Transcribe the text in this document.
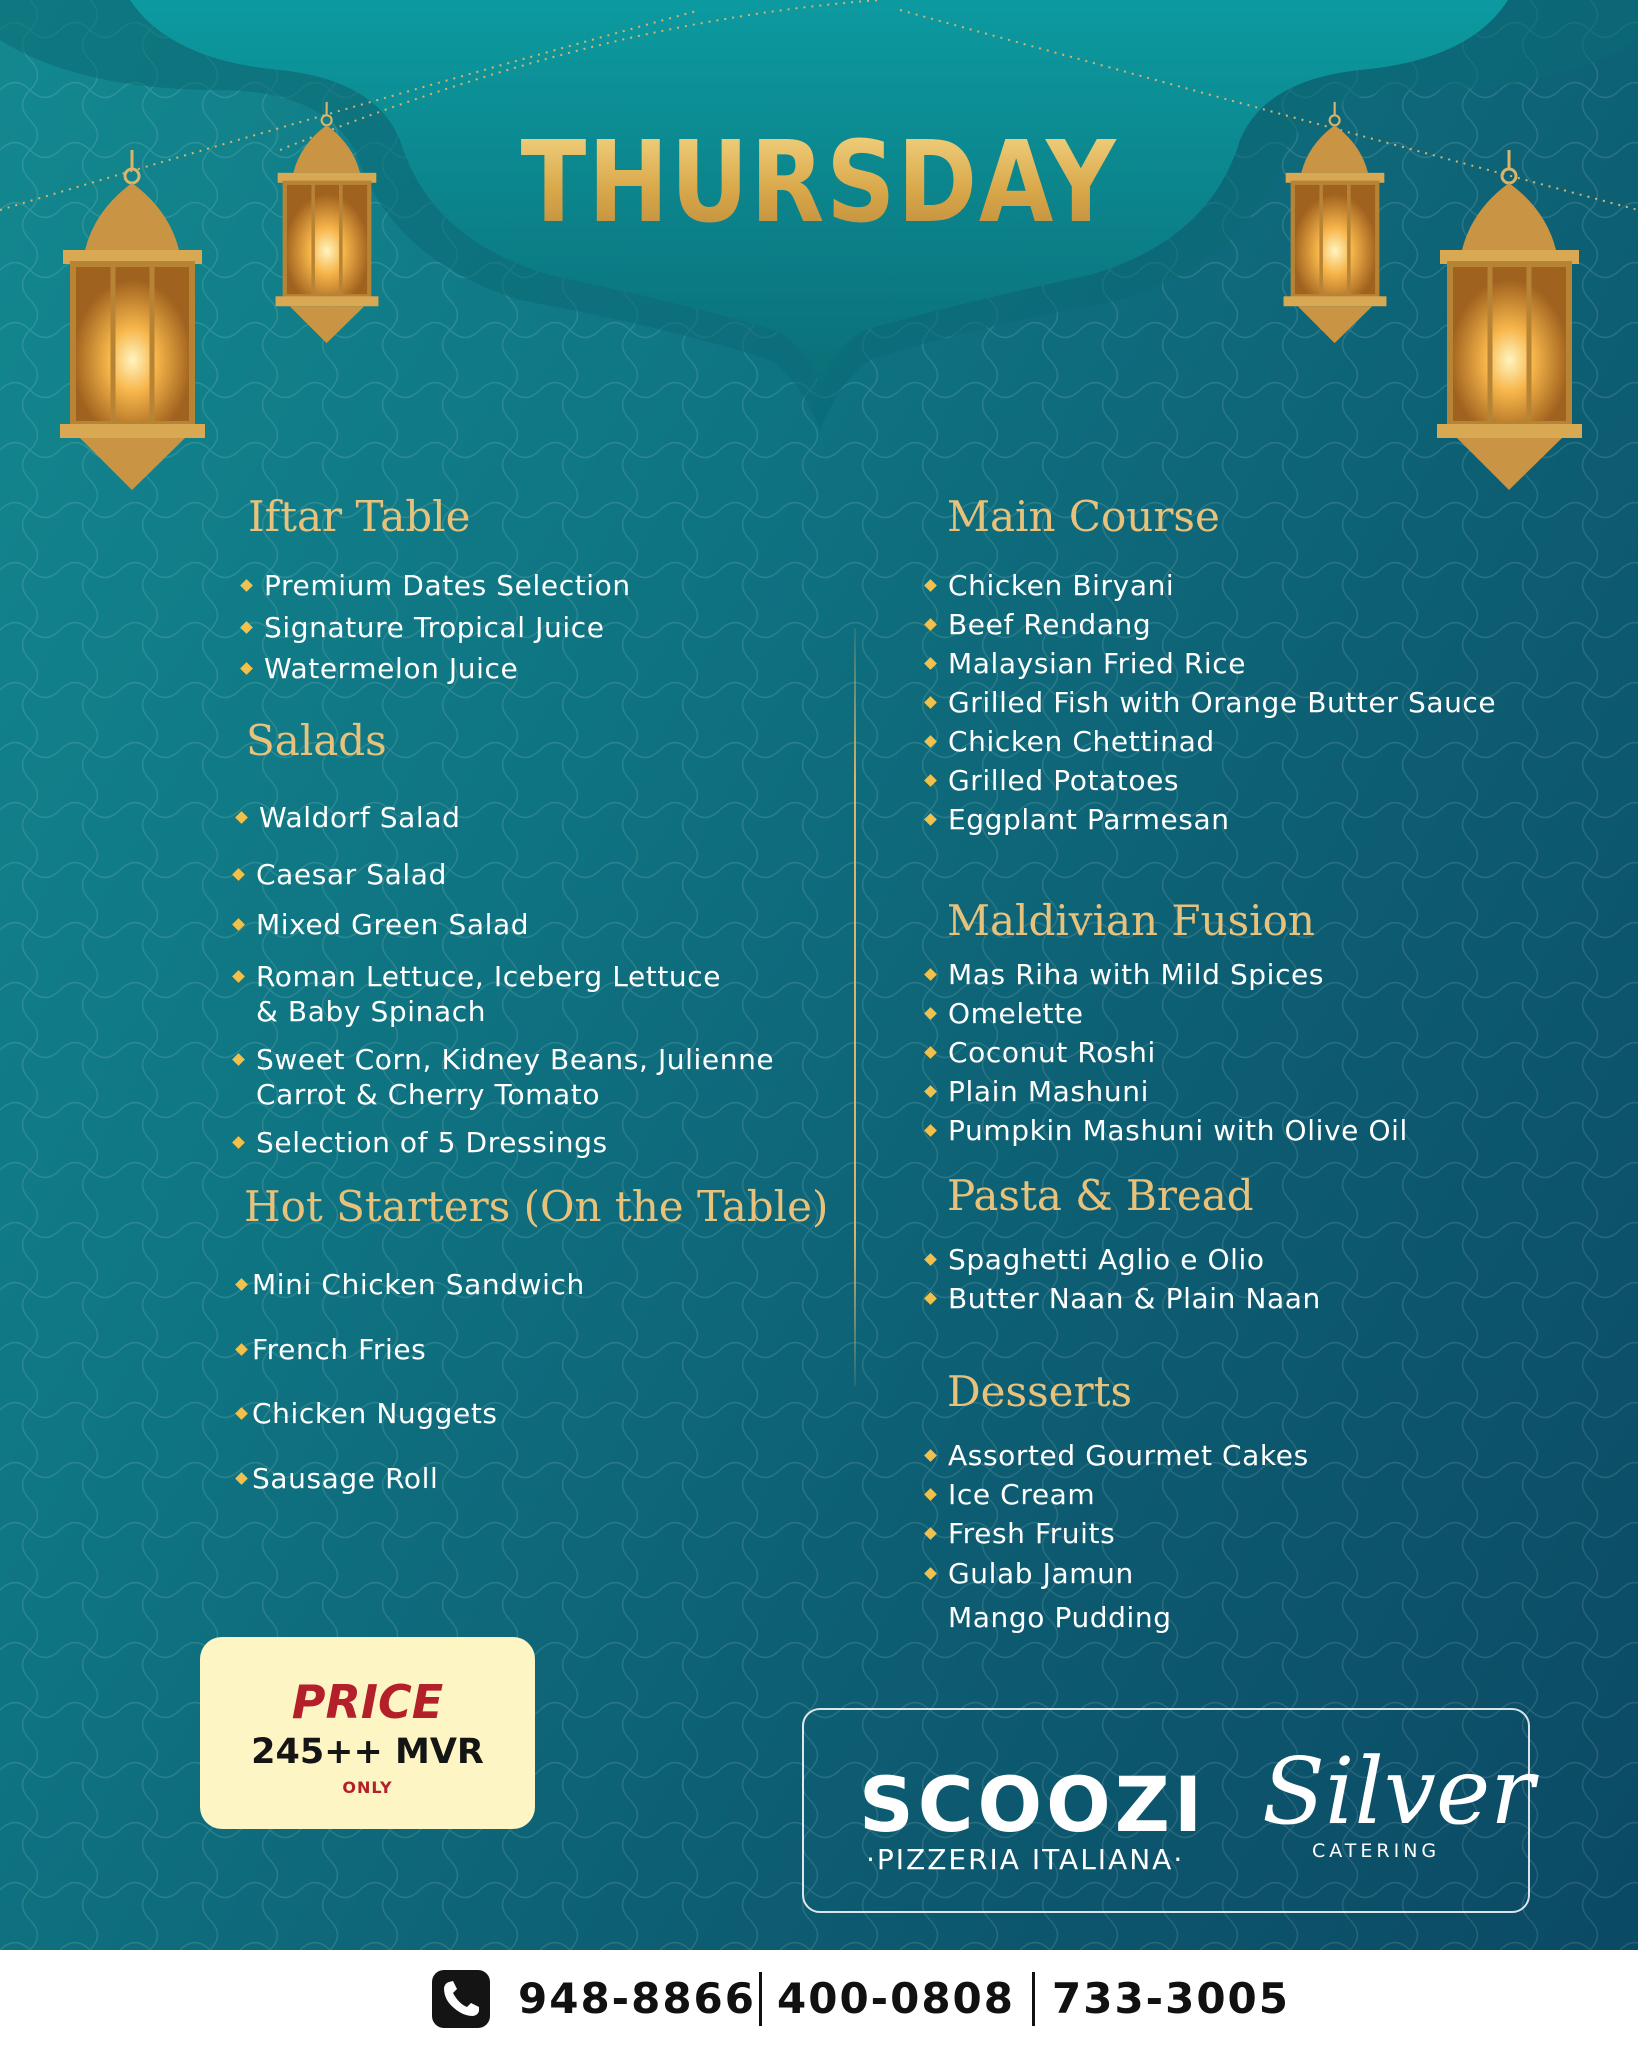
THURSDAY
Iftar Table
Premium Dates Selection
Signature Tropical Juice
Watermelon Juice
Salads
Waldorf Salad
Caesar Salad
Mixed Green Salad
Roman Lettuce, Iceberg Lettuce
& Baby Spinach
Sweet Corn, Kidney Beans, Julienne
Carrot & Cherry Tomato
Selection of 5 Dressings
Hot Starters (On the Table)
Mini Chicken Sandwich
French Fries
Chicken Nuggets
Sausage Roll
Main Course
Chicken Biryani
Beef Rendang
Malaysian Fried Rice
Grilled Fish with Orange Butter Sauce
Chicken Chettinad
Grilled Potatoes
Eggplant Parmesan
Maldivian Fusion
Mas Riha with Mild Spices
Omelette
Coconut Roshi
Plain Mashuni
Pumpkin Mashuni with Olive Oil
Pasta & Bread
Spaghetti Aglio e Olio
Butter Naan & Plain Naan
Desserts
Assorted Gourmet Cakes
Ice Cream
Fresh Fruits
Gulab Jamun
Mango Pudding
PRICE
245++ MVR
ONLY	SCOOZI
·PIZZERIA ITALIANA·
Silver
CATERING
948-8866 400-0808 733-3005
